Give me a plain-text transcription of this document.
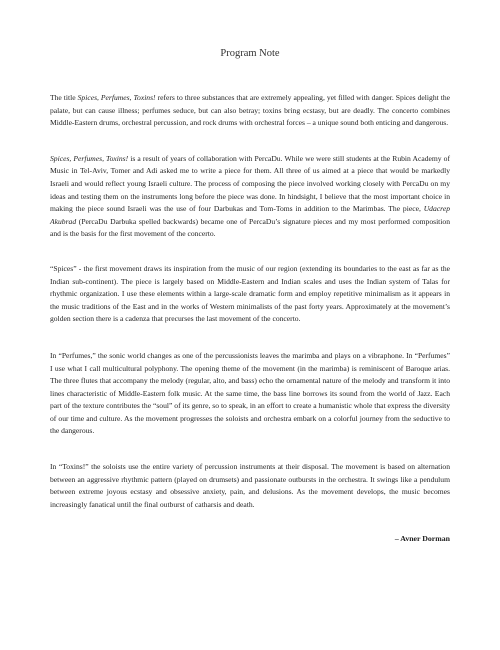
Program Note

The title Spices, Perfumes, Toxins! refers to three substances that are extremely appealing, yet filled with danger. Spices delight the palate, but can cause illness; perfumes seduce, but can also betray; toxins bring ecstasy, but are deadly. The concerto combines Middle-Eastern drums, orchestral percussion, and rock drums with orchestral forces – a unique sound both enticing and dangerous.

Spices, Perfumes, Toxins! is a result of years of collaboration with PercaDu. While we were still students at the Rubin Academy of Music in Tel-Aviv, Tomer and Adi asked me to write a piece for them. All three of us aimed at a piece that would be markedly Israeli and would reflect young Israeli culture. The process of composing the piece involved working closely with PercaDu on my ideas and testing them on the instruments long before the piece was done. In hindsight, I believe that the most important choice in making the piece sound Israeli was the use of four Darbukas and Tom-Toms in addition to the Marimbas. The piece, Udacrep Akubrad (PercaDu Darbuka spelled backwards) became one of PercaDu’s signature pieces and my most performed composition and is the basis for the first movement of the concerto.

“Spices” - the first movement draws its inspiration from the music of our region (extending its boundaries to the east as far as the Indian sub-continent). The piece is largely based on Middle-Eastern and Indian scales and uses the Indian system of Talas for rhythmic organization. I use these elements within a large-scale dramatic form and employ repetitive minimalism as it appears in the music traditions of the East and in the works of Western minimalists of the past forty years. Approximately at the movement’s golden section there is a cadenza that precurses the last movement of the concerto.

In “Perfumes,” the sonic world changes as one of the percussionists leaves the marimba and plays on a vibraphone. In “Perfumes” I use what I call multicultural polyphony. The opening theme of the movement (in the marimba) is reminiscent of Baroque arias. The three flutes that accompany the melody (regular, alto, and bass) echo the ornamental nature of the melody and transform it into lines characteristic of Middle-Eastern folk music. At the same time, the bass line borrows its sound from the world of Jazz. Each part of the texture contributes the “soul” of its genre, so to speak, in an effort to create a humanistic whole that express the diversity of our time and culture. As the movement progresses the soloists and orchestra embark on a colorful journey from the seductive to the dangerous.

In “Toxins!” the soloists use the entire variety of percussion instruments at their disposal. The movement is based on alternation between an aggressive rhythmic pattern (played on drumsets) and passionate outbursts in the orchestra. It swings like a pendulum between extreme joyous ecstasy and obsessive anxiety, pain, and delusions. As the movement develops, the music becomes increasingly fanatical until the final outburst of catharsis and death.

– Avner Dorman
